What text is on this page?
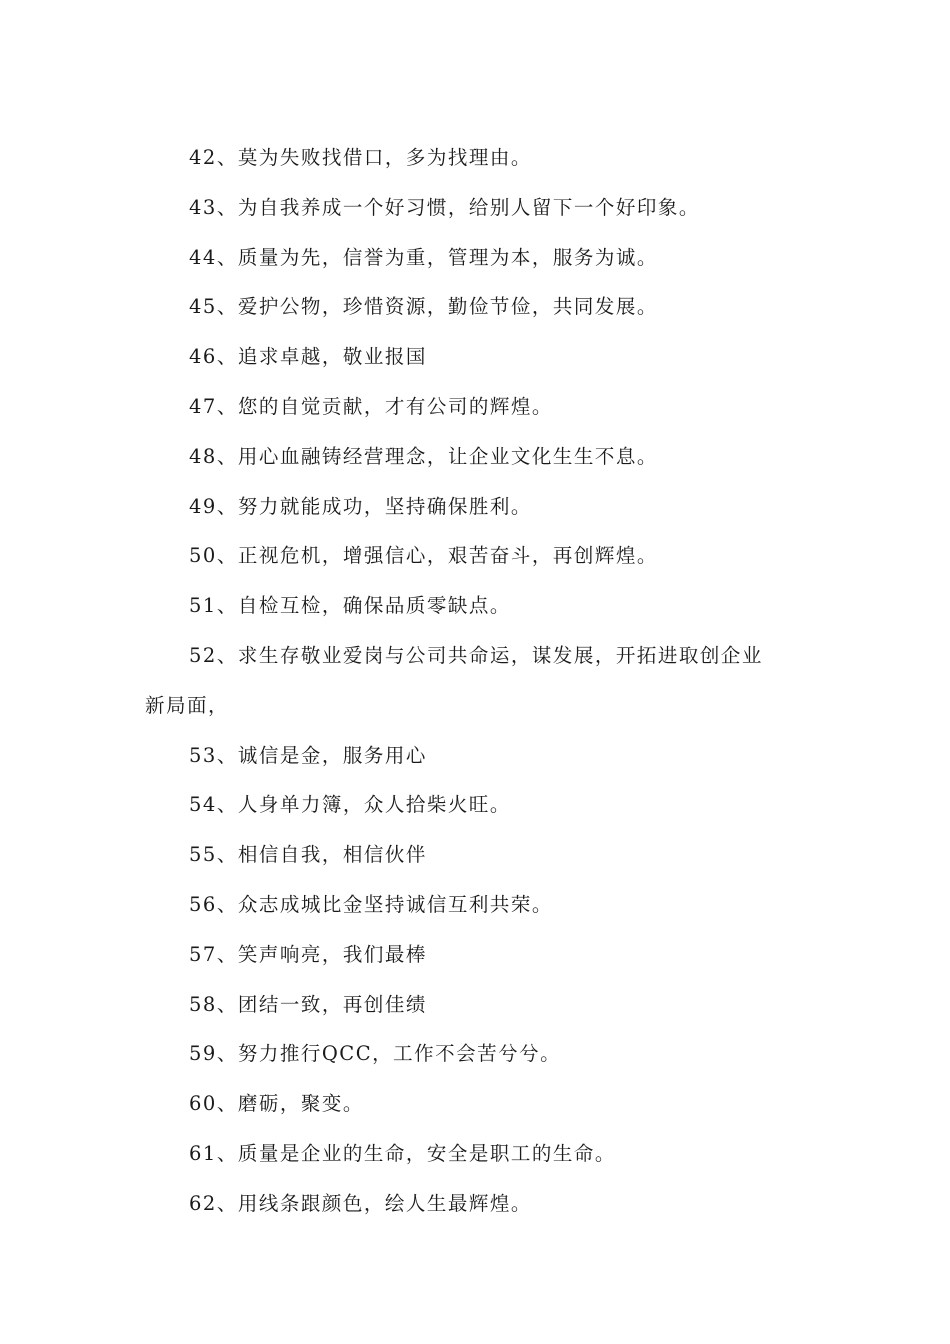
42、莫为失败找借口，多为找理由。
43、为自我养成一个好习惯，给别人留下一个好印象。
44、质量为先，信誉为重，管理为本，服务为诚。
45、爱护公物，珍惜资源，勤俭节俭，共同发展。
46、追求卓越，敬业报国
47、您的自觉贡献，才有公司的辉煌。
48、用心血融铸经营理念，让企业文化生生不息。
49、努力就能成功，坚持确保胜利。
50、正视危机，增强信心，艰苦奋斗，再创辉煌。
51、自检互检，确保品质零缺点。
52、求生存敬业爱岗与公司共命运，谋发展，开拓进取创企业
新局面，
53、诚信是金，服务用心
54、人身单力簿，众人拾柴火旺。
55、相信自我，相信伙伴
56、众志成城比金坚持诚信互利共荣。
57、笑声响亮，我们最棒
58、团结一致，再创佳绩
59、努力推行QCC，工作不会苦兮兮。
60、磨砺，聚变。
61、质量是企业的生命，安全是职工的生命。
62、用线条跟颜色，绘人生最辉煌。
